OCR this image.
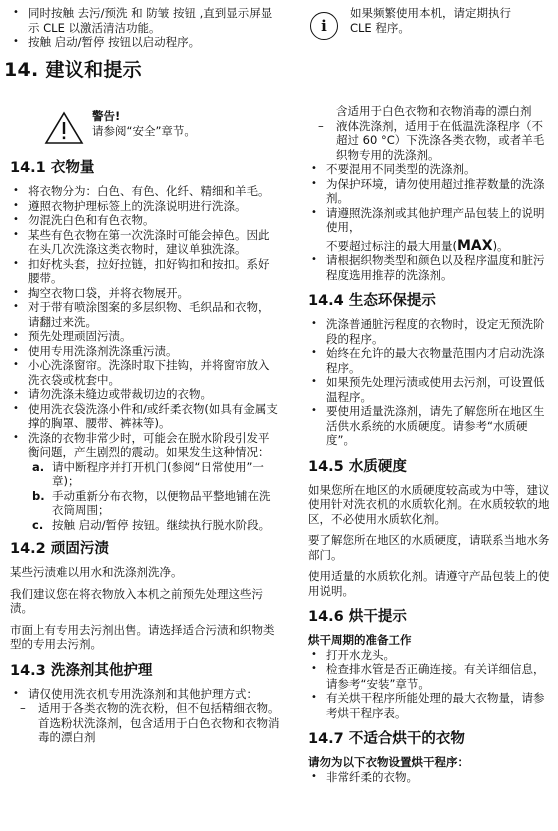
• 同时按触 去污/预洗 和 防皱 按钮 ,直到显示屏显示 CLE 以激活清洁功能。
• 按触 启动/暂停 按钮以启动程序。
i
如果频繁使用本机，请定期执行 CLE 程序。
14. 建议和提示
警告!
请参阅“安全”章节。
14.1 衣物量
• 将衣物分为：白色、有色、化纤、精细和羊毛。
• 遵照衣物护理标签上的洗涤说明进行洗涤。
• 勿混洗白色和有色衣物。
• 某些有色衣物在第一次洗涤时可能会掉色。因此在头几次洗涤这类衣物时，建议单独洗涤。
• 扣好枕头套，拉好拉链，扣好钩扣和按扣。系好腰带。
• 掏空衣物口袋，并将衣物展开。
• 对于带有喷涂图案的多层织物、毛织品和衣物，请翻过来洗。
• 预先处理顽固污渍。
• 使用专用洗涤剂洗涤重污渍。
• 小心洗涤窗帘。洗涤时取下挂钩，并将窗帘放入洗衣袋或枕套中。
• 请勿洗涤未缝边或带裁切边的衣物。
• 使用洗衣袋洗涤小件和/或纤柔衣物(如具有金属支撑的胸罩、腰带、裤袜等)。
• 洗涤的衣物非常少时，可能会在脱水阶段引发平衡问题，产生剧烈的震动。如果发生这种情况：
a. 请中断程序并打开机门(参阅“日常使用”一章)；
b. 手动重新分布衣物，以便物品平整地铺在洗衣筒周围；
c. 按触 启动/暂停 按钮。继续执行脱水阶段。
14.2 顽固污渍

某些污渍难以用水和洗涤剂洗净。

我们建议您在将衣物放入本机之前预先处理这些污渍。

市面上有专用去污剂出售。请选择适合污渍和织物类型的专用去污剂。

14.3 洗涤剂其他护理
• 请仅使用洗衣机专用洗涤剂和其他护理方式：
– 适用于各类衣物的洗衣粉，但不包括精细衣物。首选粉状洗涤剂，包含适用于白色衣物和衣物消毒的漂白剂
含适用于白色衣物和衣物消毒的漂白剂
– 液体洗涤剂，适用于在低温洗涤程序（不超过 60 °C）下洗涤各类衣物，或者羊毛织物专用的洗涤剂。
• 不要混用不同类型的洗涤剂。
• 为保护环境，请勿使用超过推荐数量的洗涤剂。
• 请遵照洗涤剂或其他护理产品包装上的说明使用，
不要超过标注的最大用量(MAX)。
• 请根据织物类型和颜色以及程序温度和脏污程度选用推荐的洗涤剂。
14.4 生态环保提示
• 洗涤普通脏污程度的衣物时，设定无预洗阶段的程序。
• 始终在允许的最大衣物量范围内才启动洗涤程序。
• 如果预先处理污渍或使用去污剂，可设置低温程序。
• 要使用适量洗涤剂，请先了解您所在地区生活供水系统的水质硬度。请参考“水质硬度”。
14.5 水质硬度

如果您所在地区的水质硬度较高或为中等，建议使用针对洗衣机的水质软化剂。在水质较软的地区，不必使用水质软化剂。

要了解您所在地区的水质硬度，请联系当地水务部门。

使用适量的水质软化剂。请遵守产品包装上的使用说明。

14.6 烘干提示
烘干周期的准备工作
• 打开水龙头。
• 检查排水管是否正确连接。有关详细信息，请参考“安装”章节。
• 有关烘干程序所能处理的最大衣物量，请参考烘干程序表。
14.7 不适合烘干的衣物
请勿为以下衣物设置烘干程序：
• 非常纤柔的衣物。
